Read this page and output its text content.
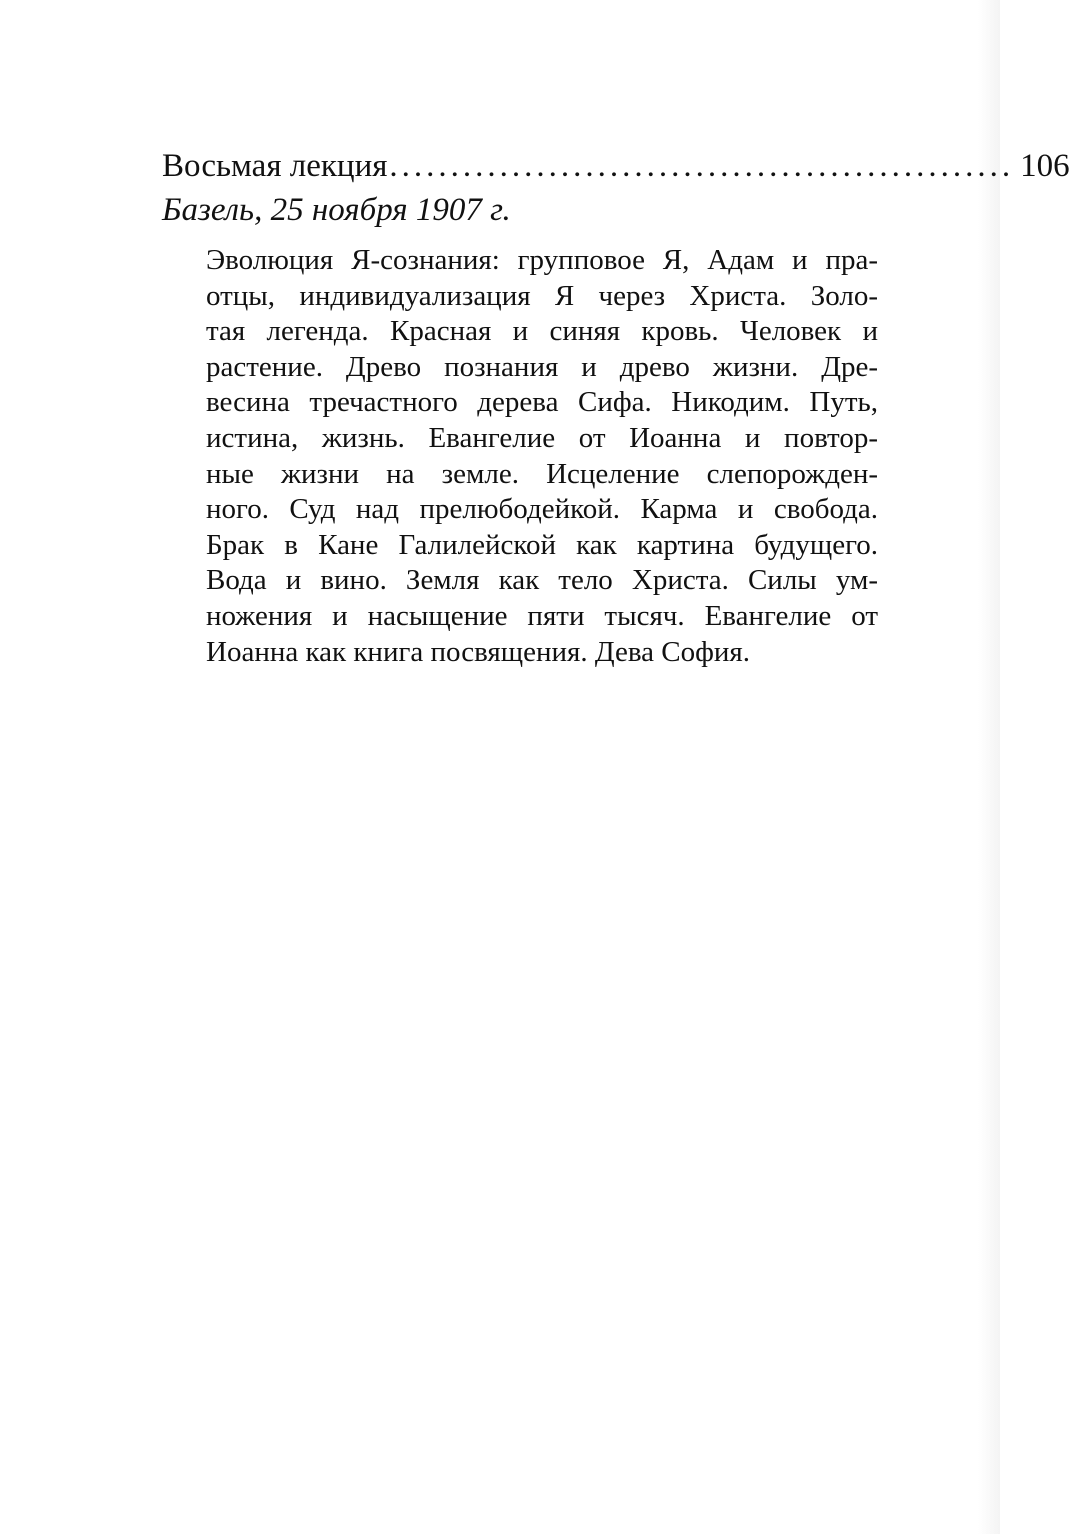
Восьмая лекция ................................................... 106
Базель, 25 ноября 1907 г.
Эволюция Я-сознания: групповое Я, Адам и пра-
отцы, индивидуализация Я через Христа. Золо-
тая легенда. Красная и синяя кровь. Человек и
растение. Древо познания и древо жизни. Дре-
весина тречастного дерева Сифа. Никодим. Путь,
истина, жизнь. Евангелие от Иоанна и повтор-
ные жизни на земле. Исцеление слепорожден-
ного. Суд над прелюбодейкой. Карма и свобода.
Брак в Кане Галилейской как картина будущего.
Вода и вино. Земля как тело Христа. Силы ум-
ножения и насыщение пяти тысяч. Евангелие от
Иоанна как книга посвящения. Дева София.
